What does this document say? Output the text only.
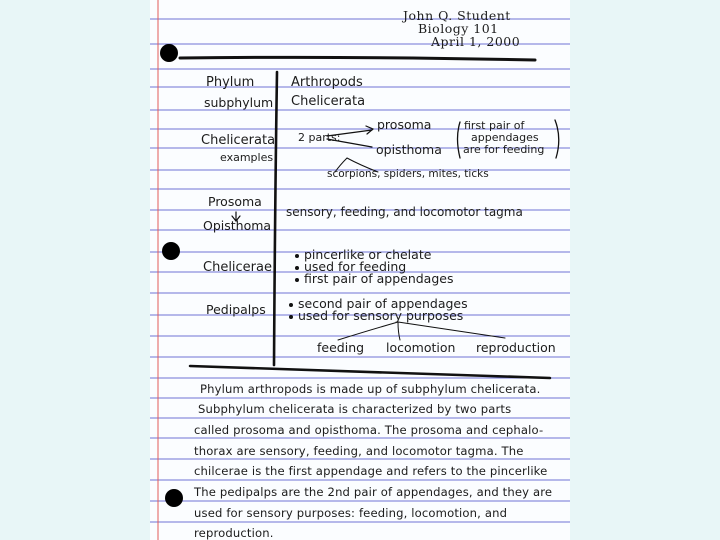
John Q. Student
Biology 101
April 1, 2000
Phylum	Arthropods
subphylum Chelicerata
Chelicerata
examples
2 parts:
prosoma
opisthoma
first pair of
appendages
are for feeding
scorpions, spiders, mites, ticks
Prosoma
Opisthoma
sensory, feeding, and locomotor tagma
Chelicerae
pincerlike or chelate
used for feeding
first pair of appendages
Pedipalps	second pair of appendages
used for sensory purposes
feeding locomotion reproduction
Phylum arthropods is made up of subphylum chelicerata.
Subphylum chelicerata is characterized by two parts
called prosoma and opisthoma. The prosoma and cephalo-
thorax are sensory, feeding, and locomotor tagma. The
chilcerae is the first appendage and refers to the pincerlike
The pedipalps are the 2nd pair of appendages, and they are
used for sensory purposes: feeding, locomotion, and
reproduction.
